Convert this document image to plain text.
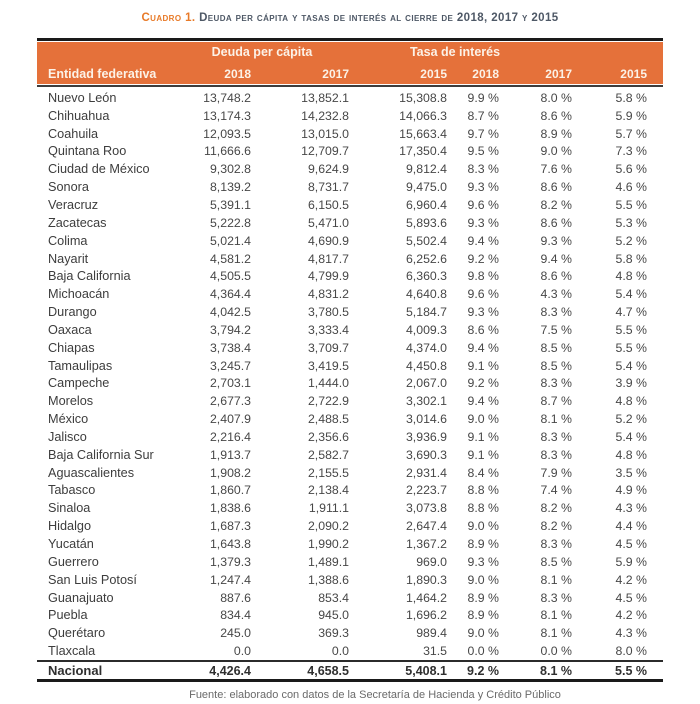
Cuadro 1. Deuda per cápita y tasas de interés al cierre de 2018, 2017 y 2015
Deuda per cápita	Tasa de interés
Entidad federativa	2018	2017	2015	2018	2017	2015
Nuevo León	13,748.2	13,852.1	15,308.8	9.9 %	8.0 %	5.8 %
Chihuahua	13,174.3	14,232.8	14,066.3	8.7 %	8.6 %	5.9 %
Coahuila	12,093.5	13,015.0	15,663.4	9.7 %	8.9 %	5.7 %
Quintana Roo	11,666.6	12,709.7	17,350.4	9.5 %	9.0 %	7.3 %
Ciudad de México	9,302.8	9,624.9	9,812.4	8.3 %	7.6 %	5.6 %
Sonora	8,139.2	8,731.7	9,475.0	9.3 %	8.6 %	4.6 %
Veracruz	5,391.1	6,150.5	6,960.4	9.6 %	8.2 %	5.5 %
Zacatecas	5,222.8	5,471.0	5,893.6	9.3 %	8.6 %	5.3 %
Colima	5,021.4	4,690.9	5,502.4	9.4 %	9.3 %	5.2 %
Nayarit	4,581.2	4,817.7	6,252.6	9.2 %	9.4 %	5.8 %
Baja California	4,505.5	4,799.9	6,360.3	9.8 %	8.6 %	4.8 %
Michoacán	4,364.4	4,831.2	4,640.8	9.6 %	4.3 %	5.4 %
Durango	4,042.5	3,780.5	5,184.7	9.3 %	8.3 %	4.7 %
Oaxaca	3,794.2	3,333.4	4,009.3	8.6 %	7.5 %	5.5 %
Chiapas	3,738.4	3,709.7	4,374.0	9.4 %	8.5 %	5.5 %
Tamaulipas	3,245.7	3,419.5	4,450.8	9.1 %	8.5 %	5.4 %
Campeche	2,703.1	1,444.0	2,067.0	9.2 %	8.3 %	3.9 %
Morelos	2,677.3	2,722.9	3,302.1	9.4 %	8.7 %	4.8 %
México	2,407.9	2,488.5	3,014.6	9.0 %	8.1 %	5.2 %
Jalisco	2,216.4	2,356.6	3,936.9	9.1 %	8.3 %	5.4 %
Baja California Sur	1,913.7	2,582.7	3,690.3	9.1 %	8.3 %	4.8 %
Aguascalientes	1,908.2	2,155.5	2,931.4	8.4 %	7.9 %	3.5 %
Tabasco	1,860.7	2,138.4	2,223.7	8.8 %	7.4 %	4.9 %
Sinaloa	1,838.6	1,911.1	3,073.8	8.8 %	8.2 %	4.3 %
Hidalgo	1,687.3	2,090.2	2,647.4	9.0 %	8.2 %	4.4 %
Yucatán	1,643.8	1,990.2	1,367.2	8.9 %	8.3 %	4.5 %
Guerrero	1,379.3	1,489.1	969.0	9.3 %	8.5 %	5.9 %
San Luis Potosí	1,247.4	1,388.6	1,890.3	9.0 %	8.1 %	4.2 %
Guanajuato	887.6	853.4	1,464.2	8.9 %	8.3 %	4.5 %
Puebla	834.4	945.0	1,696.2	8.9 %	8.1 %	4.2 %
Querétaro	245.0	369.3	989.4	9.0 %	8.1 %	4.3 %
Tlaxcala	0.0	0.0	31.5	0.0 %	0.0 %	8.0 %
Nacional	4,426.4	4,658.5	5,408.1	9.2 %	8.1 %	5.5 %
Fuente: elaborado con datos de la Secretaría de Hacienda y Crédito Público
